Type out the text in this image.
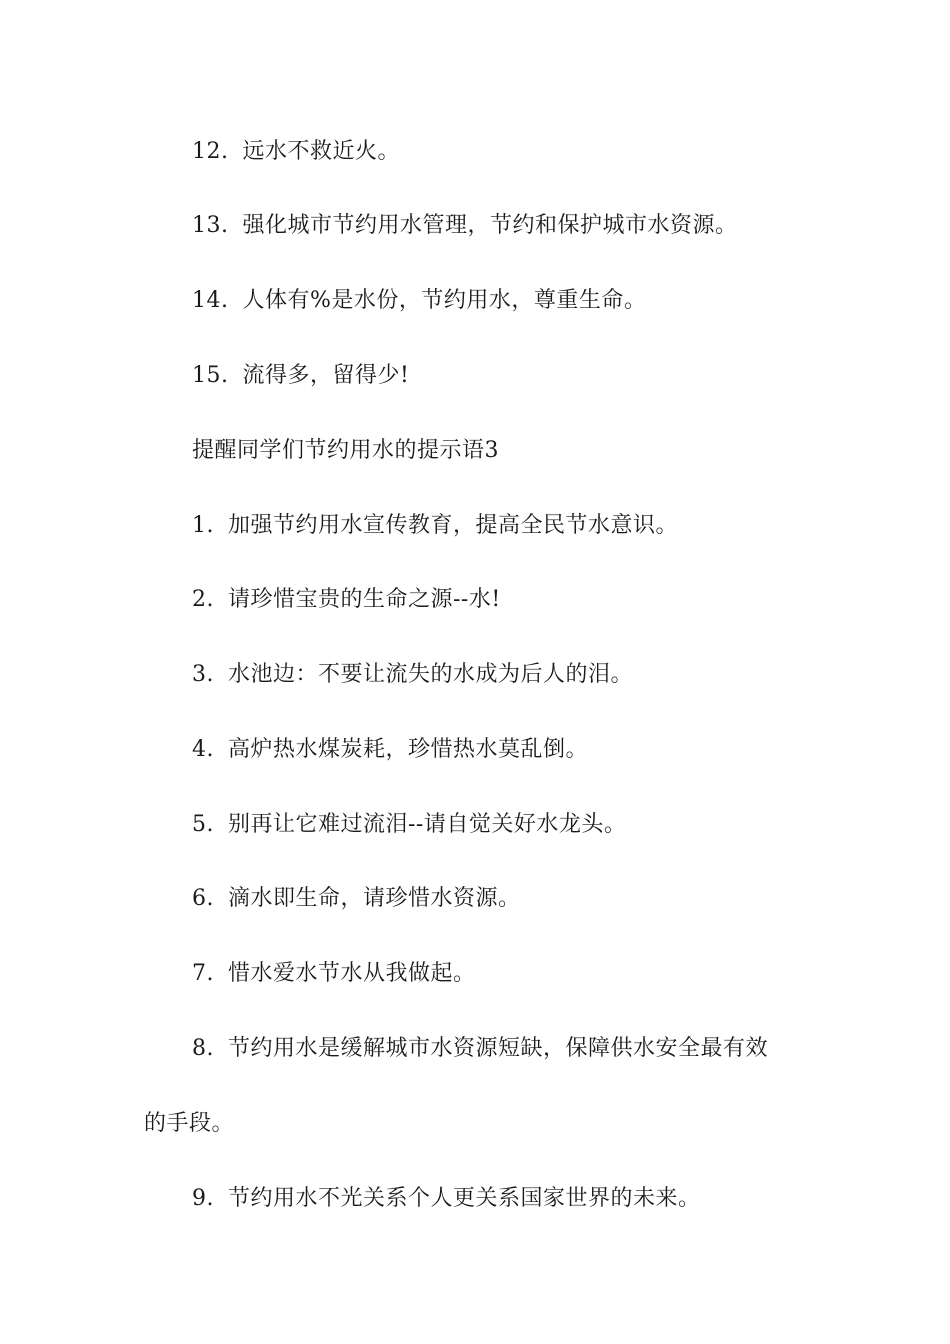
12. 远水不救近火。
13. 强化城市节约用水管理，节约和保护城市水资源。
14. 人体有%是水份，节约用水，尊重生命。
15. 流得多，留得少!
提醒同学们节约用水的提示语3
1. 加强节约用水宣传教育，提高全民节水意识。
2. 请珍惜宝贵的生命之源--水!
3. 水池边：不要让流失的水成为后人的泪。
4. 高炉热水煤炭耗，珍惜热水莫乱倒。
5. 别再让它难过流泪--请自觉关好水龙头。
6. 滴水即生命，请珍惜水资源。
7. 惜水爱水节水从我做起。
8. 节约用水是缓解城市水资源短缺，保障供水安全最有效
的手段。
9. 节约用水不光关系个人更关系国家世界的未来。
